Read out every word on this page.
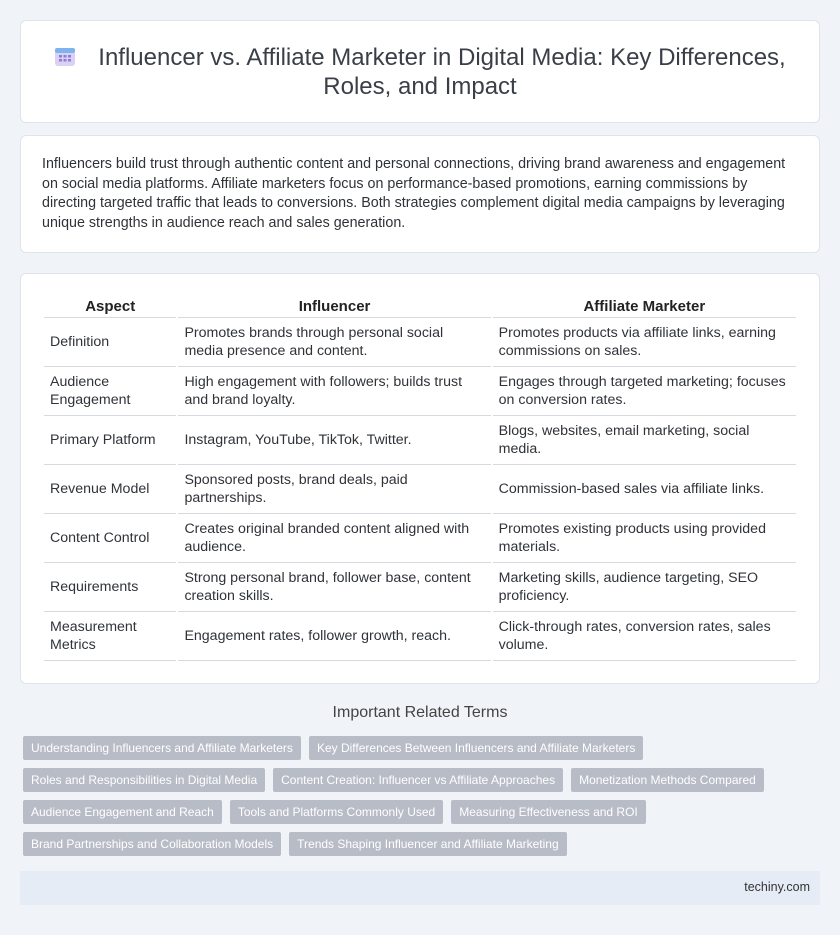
Influencer vs. Affiliate Marketer in Digital Media: Key Differences, Roles, and Impact

Influencers build trust through authentic content and personal connections, driving brand awareness and engagement on social media platforms. Affiliate marketers focus on performance-based promotions, earning commissions by directing targeted traffic that leads to conversions. Both strategies complement digital media campaigns by leveraging unique strengths in audience reach and sales generation.

Aspect	Influencer	Affiliate Marketer
Definition	Promotes brands through personal social media presence and content.	Promotes products via affiliate links, earning commissions on sales.
Audience Engagement	High engagement with followers; builds trust and brand loyalty.	Engages through targeted marketing; focuses on conversion rates.
Primary Platform	Instagram, YouTube, TikTok, Twitter.	Blogs, websites, email marketing, social media.
Revenue Model	Sponsored posts, brand deals, paid partnerships.	Commission-based sales via affiliate links.
Content Control	Creates original branded content aligned with audience.	Promotes existing products using provided materials.
Requirements	Strong personal brand, follower base, content creation skills.	Marketing skills, audience targeting, SEO proficiency.
Measurement Metrics	Engagement rates, follower growth, reach.	Click-through rates, conversion rates, sales volume.
Important Related Terms
Understanding Influencers and Affiliate Marketers	Key Differences Between Influencers and Affiliate Marketers
Roles and Responsibilities in Digital Media	Content Creation: Influencer vs Affiliate Approaches	Monetization Methods Compared
Audience Engagement and Reach	Tools and Platforms Commonly Used	Measuring Effectiveness and ROI
Brand Partnerships and Collaboration Models	Trends Shaping Influencer and Affiliate Marketing
techiny.com
